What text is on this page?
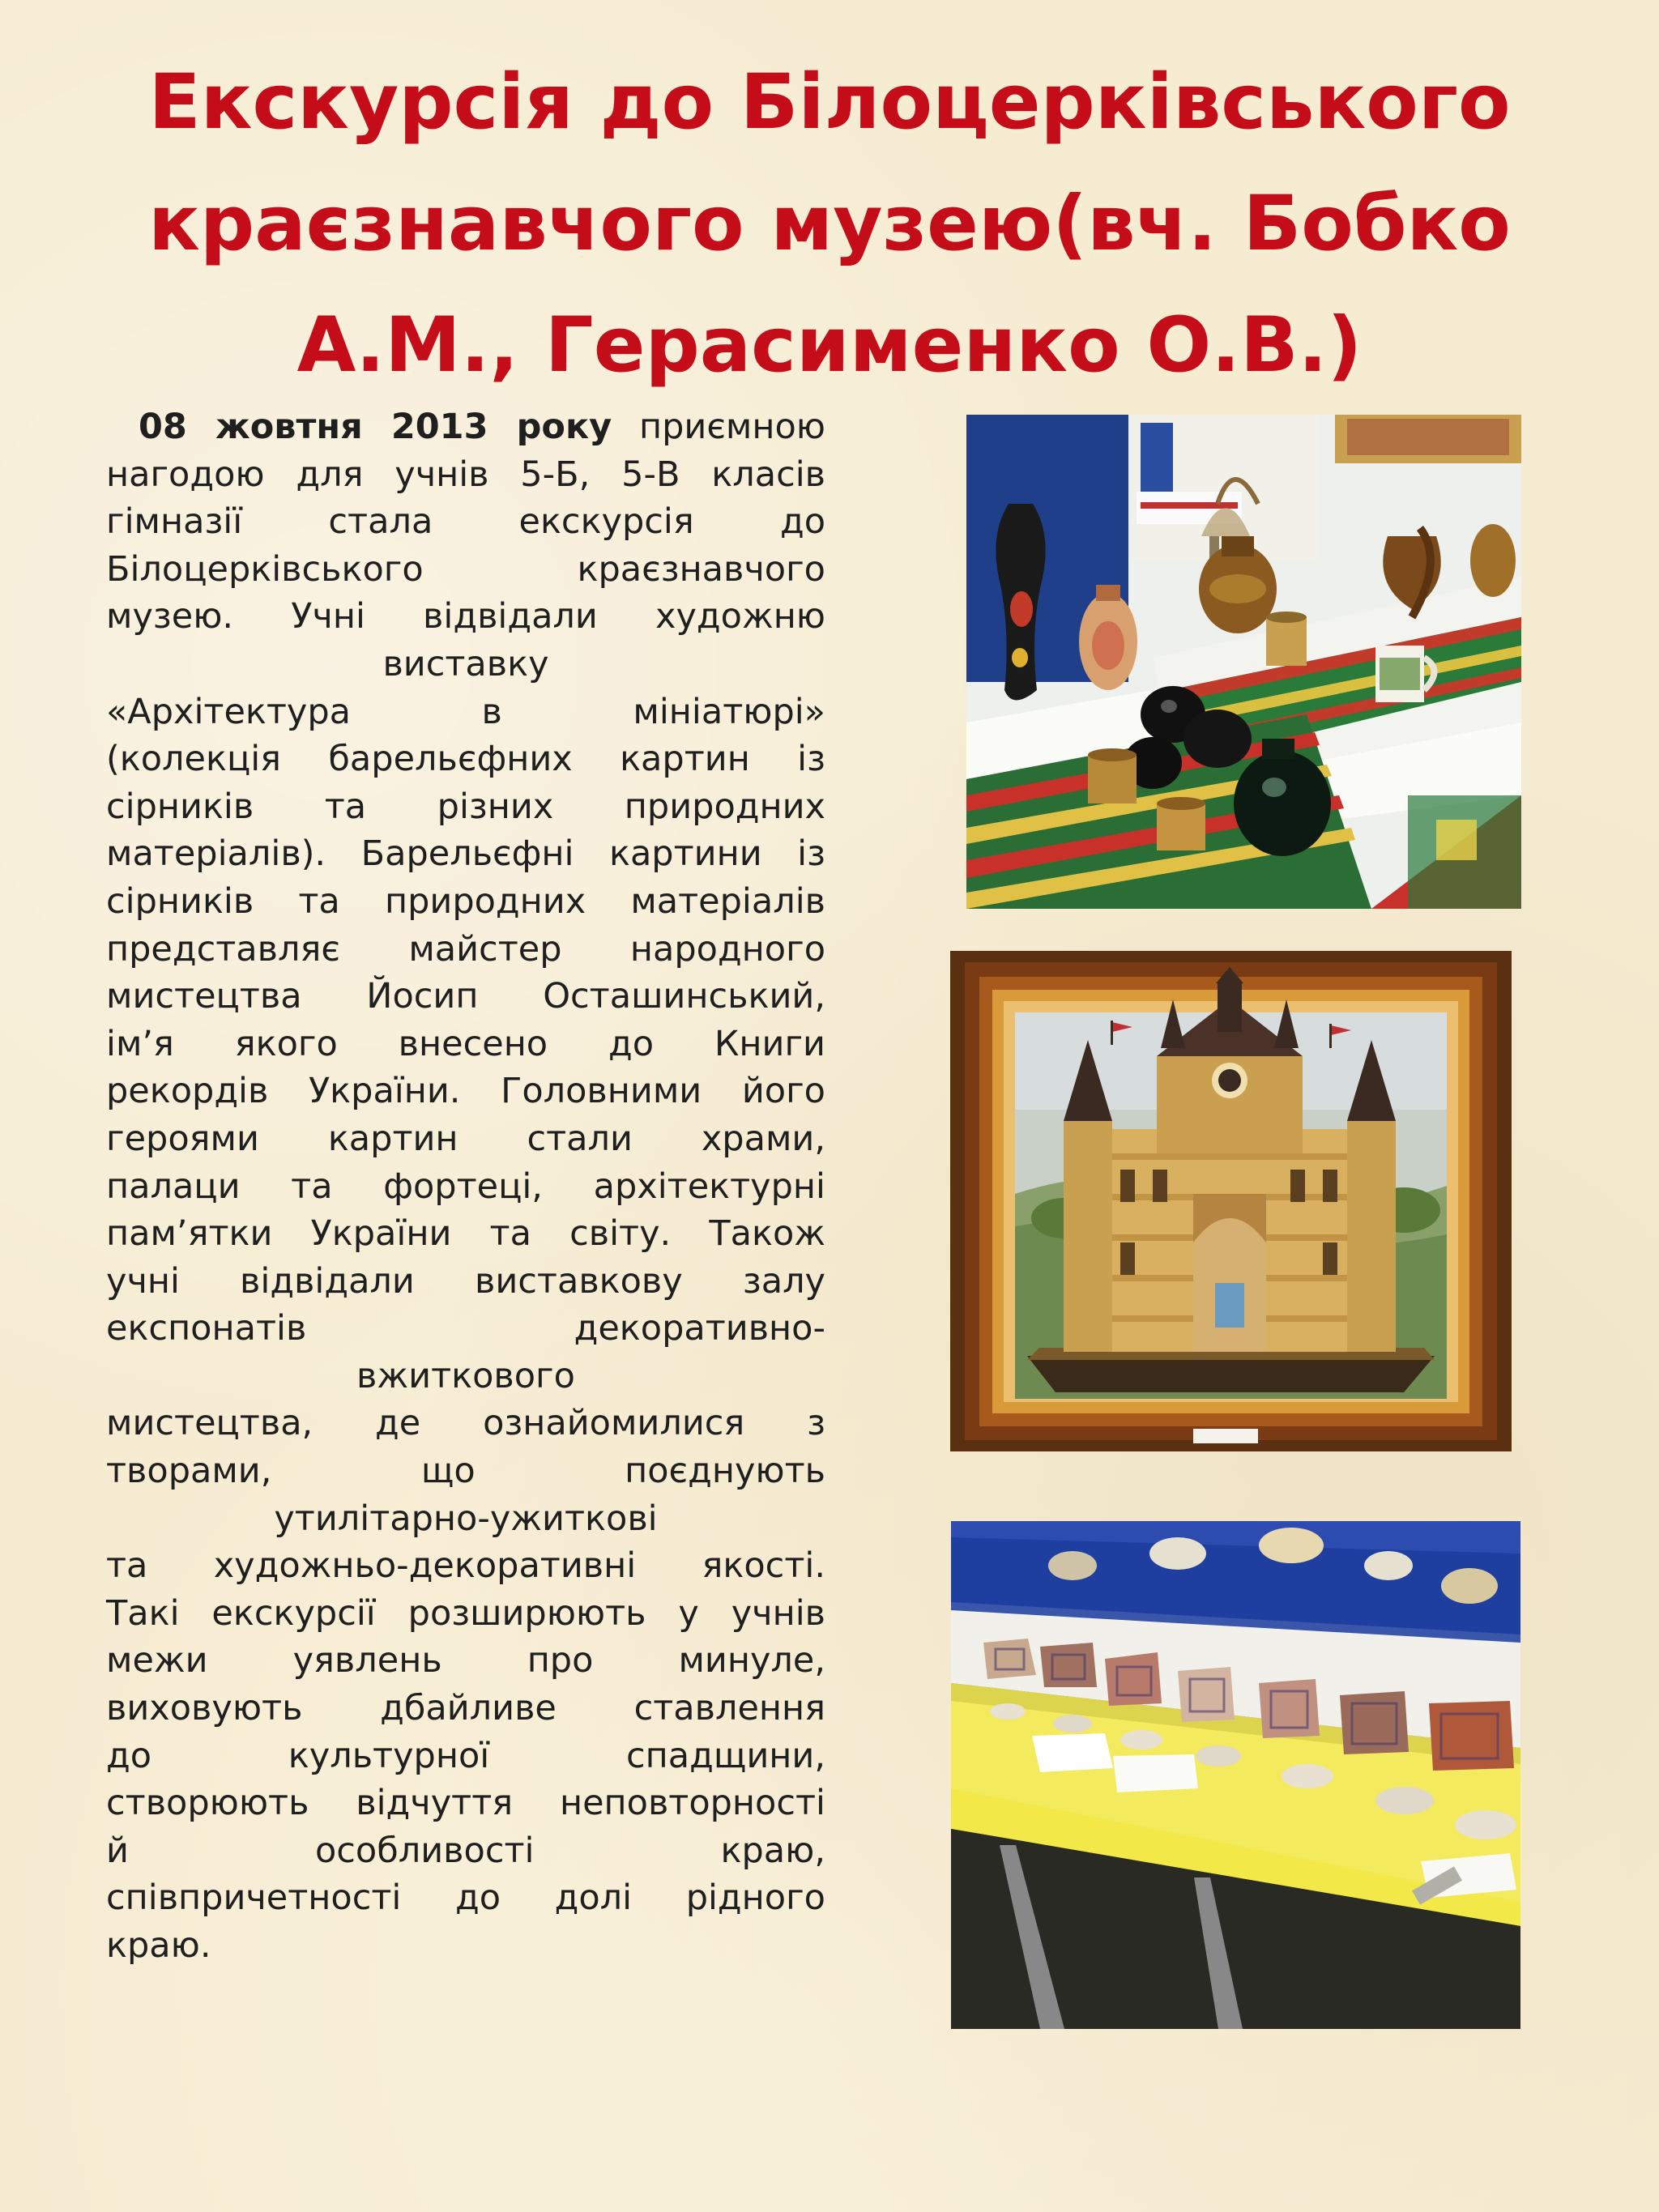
Екскурсія до Білоцерківського
краєзнавчого музею(вч. Бобко
А.М., Герасименко О.В.)
08 жовтня 2013 року приємною
нагодою для учнів 5-Б, 5-В класів
гімназії стала екскурсія до
Білоцерківського краєзнавчого
музею. Учні відвідали художню
виставку
«Архітектура в мініатюрі»
(колекція барельєфних картин із
сірників та різних природних
матеріалів). Барельєфні картини із
сірників та природних матеріалів
представляє майстер народного
мистецтва Йосип Осташинський,
ім’я якого внесено до Книги
рекордів України. Головними його
героями картин стали храми,
палаци та фортеці, архітектурні
пам’ятки України та світу. Також
учні відвідали виставкову залу
експонатів декоративно-
вжиткового
мистецтва, де ознайомилися з
творами, що поєднують
утилітарно-ужиткові
та художньо-декоративні якості.
Такі екскурсії розширюють у учнів
межи уявлень про минуле,
виховують дбайливе ставлення
до культурної спадщини,
створюють відчуття неповторності
й особливості краю,
співпричетності до долі рідного
краю.
